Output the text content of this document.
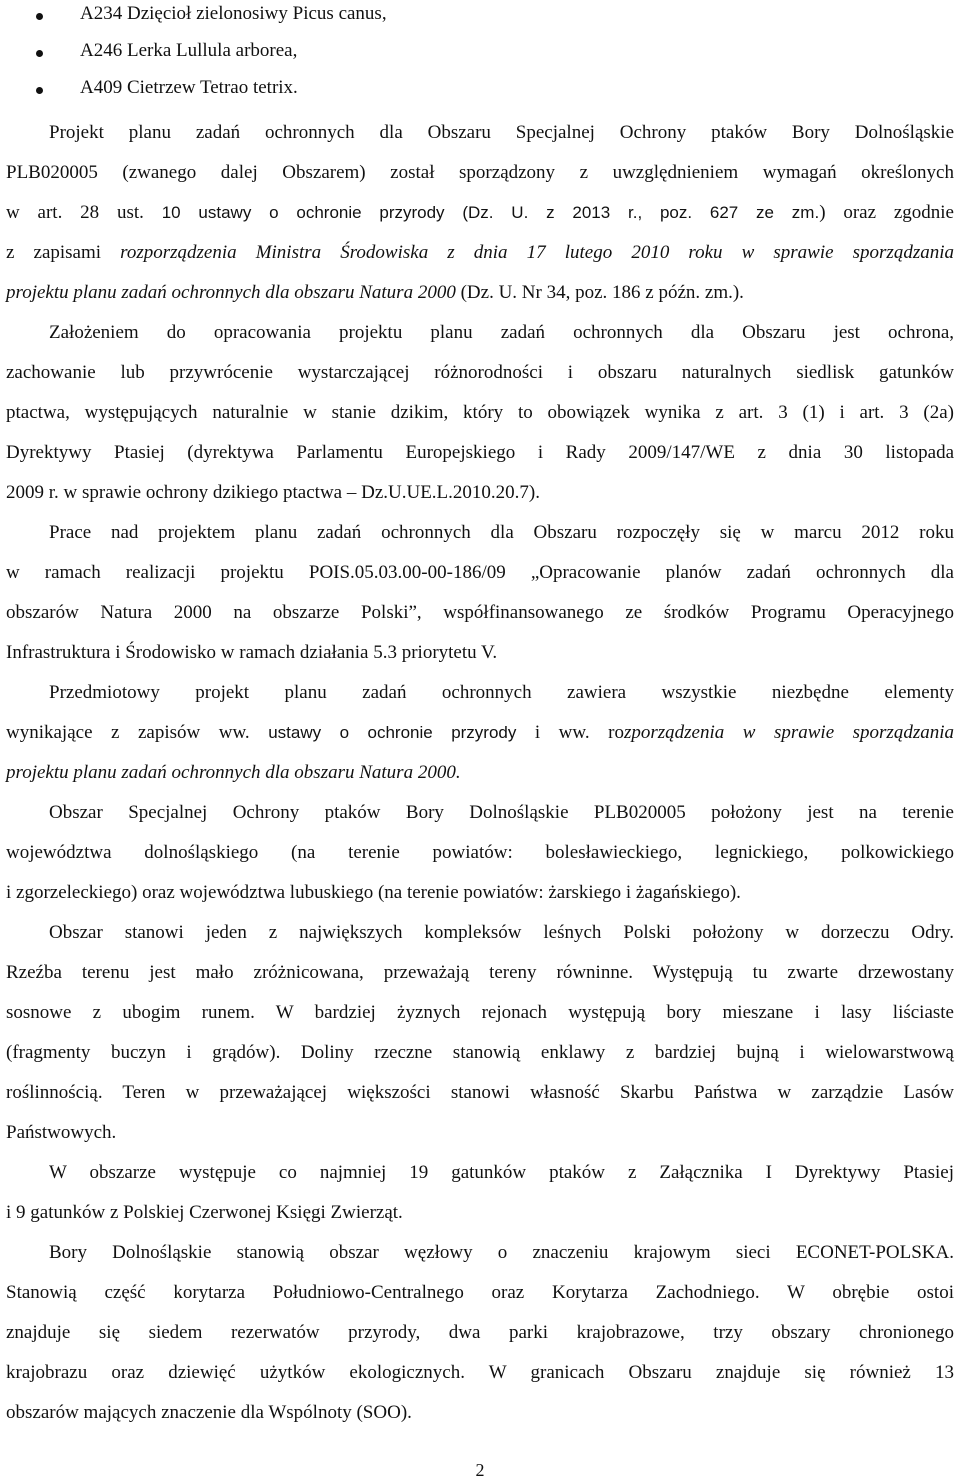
A234 Dzięcioł zielonosiwy Picus canus,
A246 Lerka Lullula arborea,
A409 Cietrzew Tetrao tetrix.
Projekt planu zadań ochronnych dla Obszaru Specjalnej Ochrony ptaków Bory Dolnośląskie
PLB020005 (zwanego dalej Obszarem) został sporządzony z uwzględnieniem wymagań określonych
w art. 28 ust. 10 ustawy o ochronie przyrody (Dz. U. z 2013 r., poz. 627 ze zm.) oraz zgodnie
z zapisami rozporządzenia Ministra Środowiska z dnia 17 lutego 2010 roku w sprawie sporządzania
projektu planu zadań ochronnych dla obszaru Natura 2000 (Dz. U. Nr 34, poz. 186 z późn. zm.).
Założeniem do opracowania projektu planu zadań ochronnych dla Obszaru jest ochrona,
zachowanie lub przywrócenie wystarczającej różnorodności i obszaru naturalnych siedlisk gatunków
ptactwa, występujących naturalnie w stanie dzikim, który to obowiązek wynika z art. 3 (1) i art. 3 (2a)
Dyrektywy Ptasiej (dyrektywa Parlamentu Europejskiego i Rady 2009/147/WE z dnia 30 listopada
2009 r. w sprawie ochrony dzikiego ptactwa – Dz.U.UE.L.2010.20.7).
Prace nad projektem planu zadań ochronnych dla Obszaru rozpoczęły się w marcu 2012 roku
w ramach realizacji projektu POIS.05.03.00-00-186/09 „Opracowanie planów zadań ochronnych dla
obszarów Natura 2000 na obszarze Polski”, współfinansowanego ze środków Programu Operacyjnego
Infrastruktura i Środowisko w ramach działania 5.3 priorytetu V.
Przedmiotowy projekt planu zadań ochronnych zawiera wszystkie niezbędne elementy
wynikające z zapisów ww. ustawy o ochronie przyrody i ww. rozporządzenia w sprawie sporządzania
projektu planu zadań ochronnych dla obszaru Natura 2000.
Obszar Specjalnej Ochrony ptaków Bory Dolnośląskie PLB020005 położony jest na terenie
województwa dolnośląskiego (na terenie powiatów: bolesławieckiego, legnickiego, polkowickiego
i zgorzeleckiego) oraz województwa lubuskiego (na terenie powiatów: żarskiego i żagańskiego).
Obszar stanowi jeden z największych kompleksów leśnych Polski położony w dorzeczu Odry.
Rzeźba terenu jest mało zróżnicowana, przeważają tereny równinne. Występują tu zwarte drzewostany
sosnowe z ubogim runem. W bardziej żyznych rejonach występują bory mieszane i lasy liściaste
(fragmenty buczyn i grądów). Doliny rzeczne stanowią enklawy z bardziej bujną i wielowarstwową
roślinnością. Teren w przeważającej większości stanowi własność Skarbu Państwa w zarządzie Lasów
Państwowych.
W obszarze występuje co najmniej 19 gatunków ptaków z Załącznika I Dyrektywy Ptasiej
i 9 gatunków z Polskiej Czerwonej Księgi Zwierząt.
Bory Dolnośląskie stanowią obszar węzłowy o znaczeniu krajowym sieci ECONET-POLSKA.
Stanowią część korytarza Południowo-Centralnego oraz Korytarza Zachodniego. W obrębie ostoi
znajduje się siedem rezerwatów przyrody, dwa parki krajobrazowe, trzy obszary chronionego
krajobrazu oraz dziewięć użytków ekologicznych. W granicach Obszaru znajduje się również 13
obszarów mających znaczenie dla Wspólnoty (SOO).
2
